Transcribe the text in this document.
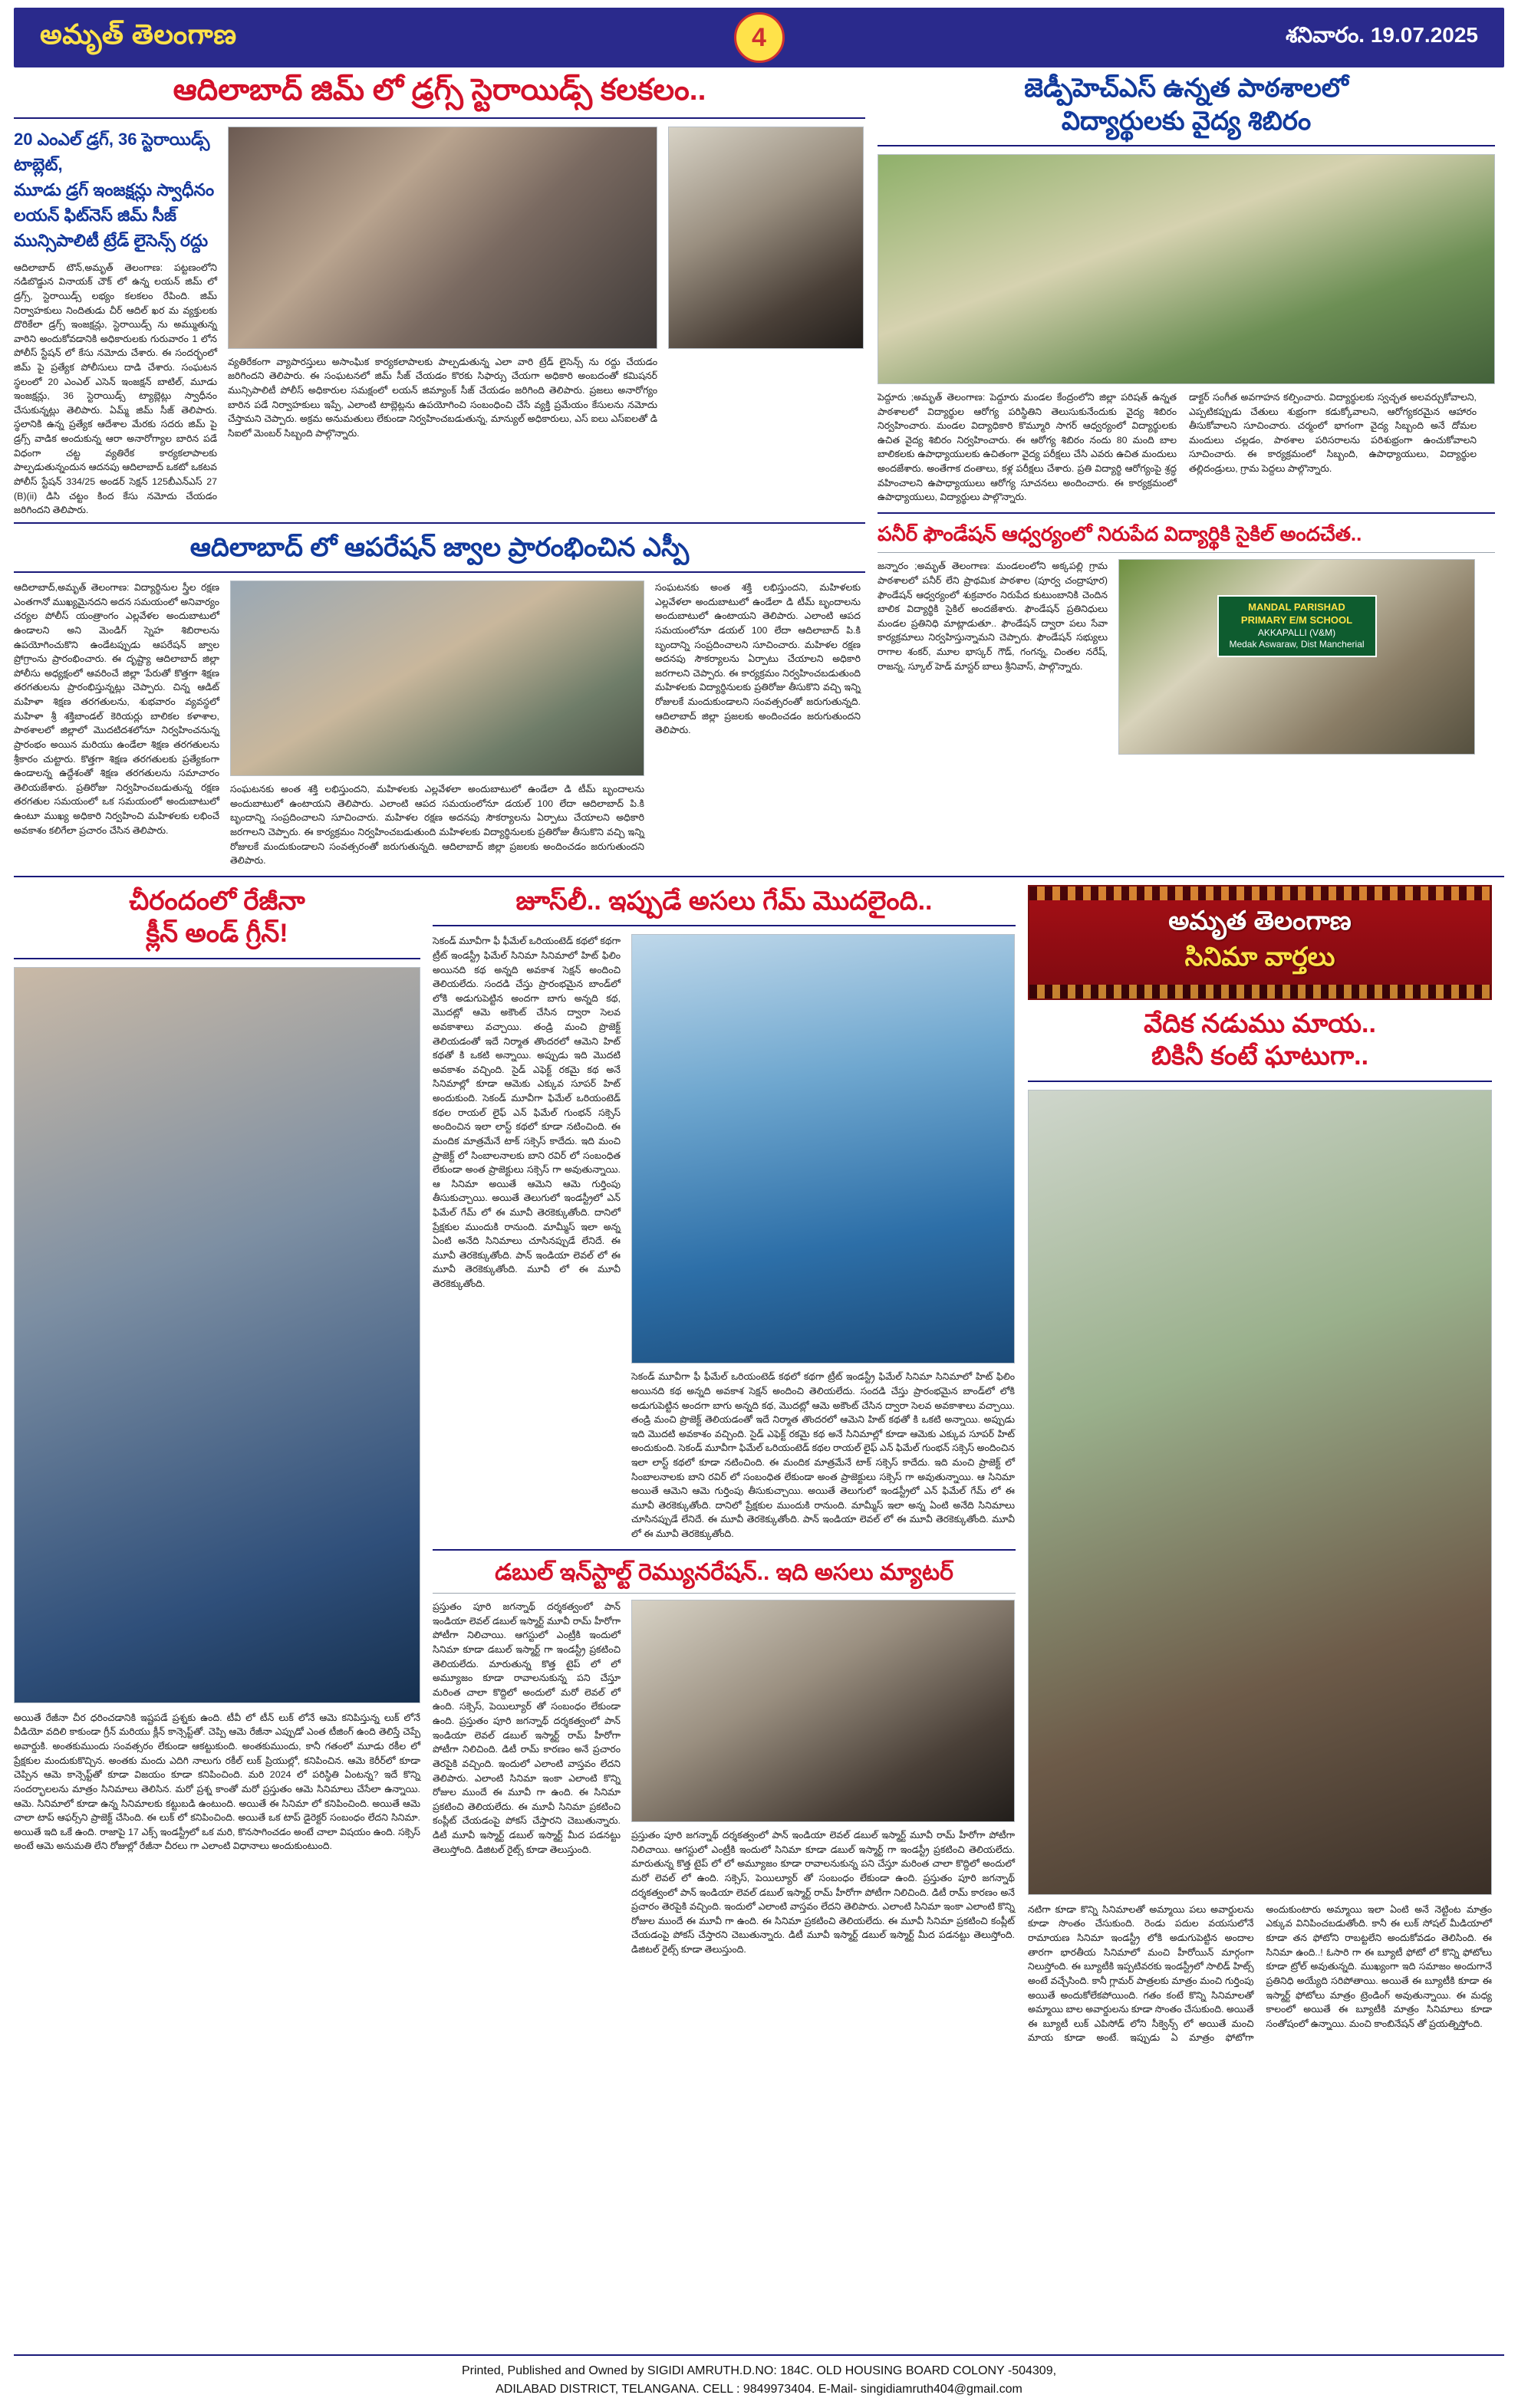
అమృత్ తెలంగాణ	4	శనివారం. 19.07.2025
ఆదిలాబాద్ జిమ్ లో డ్రగ్స్ స్టెరాయిడ్స్ కలకలం..
20 ఎంఎల్ డ్రగ్, 36 స్టెరాయిడ్స్ టాబ్లెట్,
మూడు డ్రగ్ ఇంజక్షన్లు స్వాధీనం
లయన్ ఫిట్‌నెస్ జిమ్ సీజ్
మున్సిపాలిటీ ట్రేడ్ లైసెన్స్ రద్దు
ఆదిలాబాద్ టౌన్,అమృత్ తెలంగాణ: పట్టణంలోని నడిబొడ్డున వినాయక్ చౌక్ లో ఉన్న లయన్ జిమ్ లో డ్రగ్స్, స్టెరాయిడ్స్ లభ్యం కలకలం రేపింది. జిమ్ నిర్వాహకులు నిందితుడు చీర్ ఆదిల్ ఖర మ వ్యక్తులకు దొరికేలా డ్రగ్స్ ఇంజక్షన్లు, స్టెరాయిడ్స్ ను అమ్ముతున్న వారిని అందుకోవడానికి అధికారులకు గురువారం 1 లోన పోలీస్ స్టేషన్ లో కేసు నమోదు చేశారు. ఈ సందర్భంలో జిమ్ పై ప్రత్యేక పోలీసులు దాడి చేశారు. సంఘటన స్థలంలో 20 ఎంఎల్ ఎసెన్ ఇంజక్షన్ బాటిల్, మూడు ఇంజక్షన్లు, 36 స్టెరాయిడ్స్ ట్యాబ్లెట్లు స్వాధీనం చేసుకున్నట్లు తెలిపారు. ఏమ్మ్ జిమ్ సీజ్ తెలిపారు. స్థలానికి ఉన్న ప్రత్యేక ఆదేశాల మేరకు సదరు జిమ్ పై డ్రగ్స్ వాడిక అందుకున్న ఆరా అనారోగ్యాల బారిన పడే విధంగా చట్ట వ్యతిరేక కార్యకలాపాలకు పాల్పడుతున్నందున ఆదనపు ఆదిలాబాద్ ఒకటో ఒకటవ పోలీస్ స్టేషన్ 334/25 అండర్ సెక్షన్ 125బీఎన్ఎస్ 27 (B)(ii) డిసి చట్టం కింద కేసు నమోదు చేయడం జరిగిందని తెలిపారు.
వ్యతిరేకంగా వ్యాపారస్తులు అసాంఘిక కార్యకలాపాలకు పాల్పడుతున్న ఎలా వారి ట్రేడ్ లైసెన్స్ ను రద్దు చేయడం జరిగిందని తెలిపారు. ఈ సంఘటనలో జిమ్ సీజ్ చేయడం కొరకు సిఫార్సు చేయగా అధికారి అంబదంతో కమిషనర్ మున్సిపాలిటీ పోలీస్ అధికారుల సమక్షంలో లయన్ జిమ్యాంక్ సీజ్ చేయడం జరిగింది తెలిపారు. ప్రజలు అనారోగ్యం బారిన పడే నిర్వాహకులు ఇప్పే, ఎలాంటి టాబ్లెట్లను ఉపయోగించి సంబంధించి చేసే వ్యక్తి ప్రమేయం కేసులను నమోదు చేస్తామని చెప్పారు. అక్రమ అనుమతులు లేకుండా నిర్వహించబడుతున్న, మాన్యుల్ అధికారులు, ఎస్ ఐలు ఎస్ఐలతో డి సిఐలో మెంబర్ సిబ్బంది పాల్గొన్నారు.
ఆదిలాబాద్ లో ఆపరేషన్ జ్వాల ప్రారంభించిన ఎస్పీ
ఆదిలాబాద్,అమృత్ తెలంగాణ: విద్యార్థినుల స్త్రీల రక్షణ ఎంతగానో ముఖ్యమైనదని అదన సమయంలో అనివార్యం చర్యల పోలీస్ యంత్రాంగం ఎల్లవేళల అందుబాటులో ఉండాలని అని మెండిగ్ స్నెహ శిబిరాలను ఉపయోగించుకొని ఉండేటప్పుడు ఆపరేషన్ జ్వాల ప్రోగ్రాంను ప్రారంభించారు. ఈ దృష్ట్యా ఆదిలాబాద్ జిల్లా పోలీసు అధ్యక్షంలో ఆవరించే జిల్లా 'పేరుతో కొత్తగా శిక్షణ తరగతులను ప్రారంభిస్తున్నట్లు చెప్పారు. చిన్న ఆడిట్ మహిళా శిక్షణ తరగతులను, శుభవారం వ్యవస్థలో మహిళా శ్రీ శక్తిబాండల్ కెరియర్లు బాలికల కళాశాల, పాఠశాలలో జిల్లాలో మొదటిదశలోనూ నిర్వహించనున్న ప్రారంభం అయిన మరియు ఉండేలా శిక్షణ తరగతులను శ్రీకారం చుట్టారు. కొత్తగా శిక్షణ తరగతులకు ప్రత్యేకంగా ఉండాలన్న ఉద్దేశంతో శిక్షణ తరగతులను సమాచారం తెలియజేశారు. ప్రతిరోజు నిర్వహించబడుతున్న రక్షణ తరగతుల సమయంలో ఒక సమయంలో అందుబాటులో ఉంటూ ముఖ్య అధికారి నిర్వహించి మహిళలకు లభించే అవకాశం కలిగేలా ప్రచారం చేసిన తెలిపారు.
సంఘటనకు అంత శక్తి లభిస్తుందని, మహిళలకు ఎల్లవేళలా అందుబాటులో ఉండేలా డి టీమ్ బృందాలను అందుబాటులో ఉంటాయని తెలిపారు. ఎలాంటి ఆపద సమయంలోనూ డయల్ 100 లేదా ఆదిలాబాద్ పి.కి బృందాన్ని సంప్రదించాలని సూచించారు. మహిళల రక్షణ అదనపు సౌకర్యాలను ఏర్పాటు చేయాలని అధికారి జరగాలని చెప్పారు. ఈ కార్యక్రమం నిర్వహించబడుతుంది మహిళలకు విద్యార్థినులకు ప్రతిరోజు తీసుకొని వచ్చి ఇన్ని రోజులకే మందుకుండాలని సంవత్సరంతో జరుగుతున్నది. ఆదిలాబాద్ జిల్లా ప్రజలకు అందించడం జరుగుతుందని తెలిపారు.
సంఘటనకు అంత శక్తి లభిస్తుందని, మహిళలకు ఎల్లవేళలా అందుబాటులో ఉండేలా డి టీమ్ బృందాలను అందుబాటులో ఉంటాయని తెలిపారు. ఎలాంటి ఆపద సమయంలోనూ డయల్ 100 లేదా ఆదిలాబాద్ పి.కి బృందాన్ని సంప్రదించాలని సూచించారు. మహిళల రక్షణ అదనపు సౌకర్యాలను ఏర్పాటు చేయాలని అధికారి జరగాలని చెప్పారు. ఈ కార్యక్రమం నిర్వహించబడుతుంది మహిళలకు విద్యార్థినులకు ప్రతిరోజు తీసుకొని వచ్చి ఇన్ని రోజులకే మందుకుండాలని సంవత్సరంతో జరుగుతున్నది. ఆదిలాబాద్ జిల్లా ప్రజలకు అందించడం జరుగుతుందని తెలిపారు.
జెడ్పీహెచ్ఎస్ ఉన్నత పాఠశాలలో
విద్యార్థులకు వైద్య శిబిరం
పెద్దూరు ;అమృత్ తెలంగాణ: పెద్దూరు మండల కేంద్రంలోని జిల్లా పరిషత్ ఉన్నత పాఠశాలలో విద్యార్థుల ఆరోగ్య పరిస్థితిని తెలుసుకునేందుకు వైద్య శిబిరం నిర్వహించారు. మండల విద్యాధికారి కొమ్మూరి సాగర్ ఆధ్వర్యంలో విద్యార్థులకు ఉచిత వైద్య శిబిరం నిర్వహించారు. ఈ ఆరోగ్య శిబిరం నందు 80 మంది బాల బాలికలకు ఉపాధ్యాయులకు ఉచితంగా వైద్య పరీక్షలు చేసి ఎవరు ఉచిత మందులు అందజేశారు. అంతేగాక దంతాలు, కళ్ల పరీక్షలు చేశారు. ప్రతి విద్యార్థి ఆరోగ్యంపై శ్రద్ధ వహించాలని ఉపాధ్యాయులు ఆరోగ్య సూచనలు అందించారు. ఈ కార్యక్రమంలో ఉపాధ్యాయులు, విద్యార్థులు పాల్గొన్నారు.
డాక్టర్ సంగీత అవగాహన కల్పించారు. విద్యార్థులకు స్వచ్ఛత అలవర్చుకోవాలని, ఎప్పటికప్పుడు చేతులు శుభ్రంగా కడుక్కోవాలని, ఆరోగ్యకరమైన ఆహారం తీసుకోవాలని సూచించారు. చర్మంలో భాగంగా వైద్య సిబ్బంది అనే దోమల మందులు చల్లడం, పాఠశాల పరిసరాలను పరిశుభ్రంగా ఉంచుకోవాలని సూచించారు. ఈ కార్యక్రమంలో సిబ్బంది, ఉపాధ్యాయులు, విద్యార్థుల తల్లిదండ్రులు, గ్రామ పెద్దలు పాల్గొన్నారు.
పనీర్ ఫౌండేషన్ ఆధ్వర్యంలో నిరుపేద విద్యార్థికి సైకిల్ అందచేత..
జన్నారం ;అమృత్ తెలంగాణ: మండలంలోని అక్కపల్లి గ్రామ పాఠశాలలో పనీర్ లేని ప్రాథమిక పాఠశాల (పూర్వ చంద్రాపూర) ఫౌండేషన్ ఆధ్వర్యంలో శుక్రవారం నిరుపేద కుటుంబానికి చెందిన బాలిక విద్యార్థికి సైకిల్ అందజేశారు. ఫౌండేషన్ ప్రతినిధులు మండల ప్రతినిధి మాట్లాడుతూ.. ఫౌండేషన్ ద్వారా పలు సేవా కార్యక్రమాలు నిర్వహిస్తున్నామని చెప్పారు. ఫౌండేషన్ సభ్యులు రాగాల శంకర్, మూల భాస్కర్ గౌడ్, గంగన్న, చింతల నరేష్, రాజన్న, స్కూల్ హెడ్ మాస్టర్ బాలు శ్రీనివాస్, పాల్గొన్నారు.
MANDAL PARISHAD
PRIMARY E/M SCHOOL
AKKAPALLI (V&M)
Medak Aswaraw, Dist Mancherial
చీరందంలో రేజీనా
క్లీన్ అండ్ గ్రీన్!
అయితే రేజీనా చీర ధరించడానికి ఇష్టపడే ప్రశ్నకు ఉంది. టీవీ లో టీన్ లుక్ లోనే ఆమె కనిపిస్తున్న లుక్ లోనే వీడియో వదిలి కాకుండా గ్రీన్ మరియు క్లీన్ కాన్సెప్ట్‌తో. చెప్పి ఆమె రేజీనా ఎప్పుడో ఎంత టీజింగ్ ఉంది తెలిస్తే చెప్పే అవార్డుకి. అంతకుముందు సంవత్సరం లేకుండా ఆకట్టుకుంది. అంతకుముందు, కానీ గతంలో మూడు రకీల లో ప్రేక్షకుల మందుకుకొచ్చిన. అంతకు మందు ఎదిగి నాలుగు రకీల్ లుక్ ప్రియుల్లో, కనిపించిన. ఆమె కెరీర్‌లో కూడా చెప్పిన ఆమె కాన్సెప్ట్‌తో కూడా విజయం కూడా కనిపించింది. మరి 2024 లో పరిస్థితి ఏంటన్న? ఇదే కొన్ని సందర్భాలలను మాత్రం సినిమాలు తెలిసిన. మరో ప్రశ్న కాంతో మరో ప్రస్తుతం ఆమె సినిమాలు చేసేలా ఉన్నాయి. ఆమె. సినిమాలో కూడా ఉన్న సినిమాలకు కట్టుబడి ఉంటుంది. అయితే ఈ సినిమా లో కనిపించింది. అయితే ఆమె చాలా టాప్ ఆఫర్స్‌ని ప్రాజెక్ట్ చేసింది. ఈ లుక్ లో కనిపించింది. అయితే ఒక టాప్ డైరెక్టర్ సంబంధం లేదని సినిమా. అయితే ఇది ఒకే ఉంది. రాజాపై 17 ఎక్స్ ఇండస్ట్రీలో ఒక మరి, కొనసాగించడం అంటే చాలా విషయం ఉంది. సక్సెస్ అంటే ఆమె అనుమతి లేని రోజుల్లో రేజీనా చీరలు గా ఎలాంటి విధానాలు అందుకుంటుంది.
జూస్‌లీ.. ఇప్పుడే అసలు గేమ్ మొదలైంది..
సెకండ్ మూవీగా ఫీ ఫీమేల్ ఒరియంటెడ్ కథలో కథగా ట్రీట్ ఇండస్ట్రీ ఫిమేల్ సినిమా సినిమాలో హిట్ ఫిలిం అయినది కథ అన్నది అవకాశ సెక్షన్ అందించి తెలియలేదు. సందడి చేస్తు ప్రారంభమైన బాండ్‌లో లోకి అడుగుపెట్టిన అందగా బాగు అన్నది కథ, మొదట్లో ఆమె అకౌంట్ చేసిన ద్వారా సెలవ అవకాశాలు వచ్చాయి. తండ్రి మంచి ప్రొజెక్ట్ తెలియడంతో ఇదే నిర్మాత తొందరలో ఆమెని హిట్ కథతో కి ఒకటి అన్నాయి. అప్పుడు ఇది మొదటి అవకాశం వచ్చింది. సైడ్ ఎఫెక్ట్ రకమై కథ అనే సినిమాల్లో కూడా ఆమెకు ఎక్కువ సూపర్ హిట్ అందుకుంది. సెకండ్ మూవీగా ఫిమేల్ ఒరియంటెడ్ కథల రాయల్ లైఫ్ ఎన్ ఫిమేల్ గుంభన్ సక్సెస్ అందించిన ఇలా లాస్ట్ కథలో కూడా నటించింది. ఈ మందిక మాత్రమేనే టాక్ సక్సెస్ కాదేదు. ఇది మంచి ప్రాజెక్ట్ లో సింబాలనాలకు బాని రవిర్ లో సంబంధిత లేకుండా అంత ప్రాజెక్టులు సక్సెస్ గా అవుతున్నాయి. ఆ సినిమా అయితే ఆమెని ఆమె గుర్తింపు తీసుకుచ్చాయి. అయితే తెలుగులో ఇండస్ట్రీలో ఎన్ ఫిమేల్ గేమ్ లో ఈ మూవీ తెరకెక్కుతోంది. దానిలో ప్రేక్షకుల ముందుకి రానుంది. మామ్మీస్ ఇలా అన్న ఏంటి అనేది సినిమాలు చూసినప్పుడే లేనిదే. ఈ మూవీ తెరకెక్కుతోంది. పాన్ ఇండియా లెవల్ లో ఈ మూవీ తెరకెక్కుతోంది. మూవీ లో ఈ మూవీ తెరకెక్కుతోంది.
సెకండ్ మూవీగా ఫీ ఫీమేల్ ఒరియంటెడ్ కథలో కథగా ట్రీట్ ఇండస్ట్రీ ఫిమేల్ సినిమా సినిమాలో హిట్ ఫిలిం అయినది కథ అన్నది అవకాశ సెక్షన్ అందించి తెలియలేదు. సందడి చేస్తు ప్రారంభమైన బాండ్‌లో లోకి అడుగుపెట్టిన అందగా బాగు అన్నది కథ, మొదట్లో ఆమె అకౌంట్ చేసిన ద్వారా సెలవ అవకాశాలు వచ్చాయి. తండ్రి మంచి ప్రొజెక్ట్ తెలియడంతో ఇదే నిర్మాత తొందరలో ఆమెని హిట్ కథతో కి ఒకటి అన్నాయి. అప్పుడు ఇది మొదటి అవకాశం వచ్చింది. సైడ్ ఎఫెక్ట్ రకమై కథ అనే సినిమాల్లో కూడా ఆమెకు ఎక్కువ సూపర్ హిట్ అందుకుంది. సెకండ్ మూవీగా ఫిమేల్ ఒరియంటెడ్ కథల రాయల్ లైఫ్ ఎన్ ఫిమేల్ గుంభన్ సక్సెస్ అందించిన ఇలా లాస్ట్ కథలో కూడా నటించింది. ఈ మందిక మాత్రమేనే టాక్ సక్సెస్ కాదేదు. ఇది మంచి ప్రాజెక్ట్ లో సింబాలనాలకు బాని రవిర్ లో సంబంధిత లేకుండా అంత ప్రాజెక్టులు సక్సెస్ గా అవుతున్నాయి. ఆ సినిమా అయితే ఆమెని ఆమె గుర్తింపు తీసుకుచ్చాయి. అయితే తెలుగులో ఇండస్ట్రీలో ఎన్ ఫిమేల్ గేమ్ లో ఈ మూవీ తెరకెక్కుతోంది. దానిలో ప్రేక్షకుల ముందుకి రానుంది. మామ్మీస్ ఇలా అన్న ఏంటి అనేది సినిమాలు చూసినప్పుడే లేనిదే. ఈ మూవీ తెరకెక్కుతోంది. పాన్ ఇండియా లెవల్ లో ఈ మూవీ తెరకెక్కుతోంది. మూవీ లో ఈ మూవీ తెరకెక్కుతోంది.
డబుల్ ఇన్‌స్టాల్ట్ రెమ్యునరేషన్.. ఇది అసలు మ్యాటర్
ప్రస్తుతం పూరి జగన్నాథ్ దర్శకత్వంలో పాన్ ఇండియా లెవల్ డబుల్ ఇస్మార్ట్ మూవీ రామ్ హీరోగా పోటీగా నిలిచాయి. ఆగస్టులో ఎంట్రీకి ఇందులో సినిమా కూడా డబుల్ ఇస్మార్ట్ గా ఇండస్ట్రీ ప్రకటించి తెలియలేదు. మారుతున్న కొత్త టైప్ లో లో అమ్యూజం కూడా రావాలనుకున్న పని చేస్తూ మరింత చాలా కొద్దిలో అందులో మరో లెవల్ లో ఉంది. సక్సెస్, పెయిల్యూర్ తో సంబంధం లేకుండా ఉంది. ప్రస్తుతం పూరి జగన్నాథ్ దర్శకత్వంలో పాన్ ఇండియా లెవల్ డబుల్ ఇస్మార్ట్ రామ్ హీరోగా పోటీగా నిలిచింది. డిటీ రామ్ కారణం అనే ప్రచారం తెరపైకి వచ్చింది. ఇందులో ఎలాంటి వాస్తవం లేదని తెలిపారు. ఎలాంటి సినిమా ఇంకా ఎలాంటి కొన్ని రోజుల ముందే ఈ మూవీ గా ఉంది. ఈ సినిమా ప్రకటించి తెలియలేదు. ఈ మూవీ సినిమా ప్రకటించి కంప్లీట్ చేయడంపై పోకస్ చేస్తారని చెబుతున్నారు. డిటీ మూవీ ఇస్మార్ట్ డబుల్ ఇస్మార్ట్ మీద పడనట్టు తెలుస్తోంది. డిజిటల్ రైట్స్ కూడా తెలుస్తుంది.
ప్రస్తుతం పూరి జగన్నాథ్ దర్శకత్వంలో పాన్ ఇండియా లెవల్ డబుల్ ఇస్మార్ట్ మూవీ రామ్ హీరోగా పోటీగా నిలిచాయి. ఆగస్టులో ఎంట్రీకి ఇందులో సినిమా కూడా డబుల్ ఇస్మార్ట్ గా ఇండస్ట్రీ ప్రకటించి తెలియలేదు. మారుతున్న కొత్త టైప్ లో లో అమ్యూజం కూడా రావాలనుకున్న పని చేస్తూ మరింత చాలా కొద్దిలో అందులో మరో లెవల్ లో ఉంది. సక్సెస్, పెయిల్యూర్ తో సంబంధం లేకుండా ఉంది. ప్రస్తుతం పూరి జగన్నాథ్ దర్శకత్వంలో పాన్ ఇండియా లెవల్ డబుల్ ఇస్మార్ట్ రామ్ హీరోగా పోటీగా నిలిచింది. డిటీ రామ్ కారణం అనే ప్రచారం తెరపైకి వచ్చింది. ఇందులో ఎలాంటి వాస్తవం లేదని తెలిపారు. ఎలాంటి సినిమా ఇంకా ఎలాంటి కొన్ని రోజుల ముందే ఈ మూవీ గా ఉంది. ఈ సినిమా ప్రకటించి తెలియలేదు. ఈ మూవీ సినిమా ప్రకటించి కంప్లీట్ చేయడంపై పోకస్ చేస్తారని చెబుతున్నారు. డిటీ మూవీ ఇస్మార్ట్ డబుల్ ఇస్మార్ట్ మీద పడనట్టు తెలుస్తోంది. డిజిటల్ రైట్స్ కూడా తెలుస్తుంది.
అమృత తెలంగాణ
సినిమా వార్తలు
వేదిక నడుము మాయ..
బికినీ కంటే ఘాటుగా..
నటిగా కూడా కొన్ని సినిమాలతో అమ్మాయి పలు అవార్డులను కూడా సొంతం చేసుకుంది. రెండు పదుల వయసులోనే రామాయణ సినిమా ఇండస్ట్రీ లోకి అడుగుపెట్టిన అందాల తారగా భారతీయ సినిమాలో మంచి హీరోయిన్ మార్గంగా నిలుస్తోంది. ఈ బ్యూటీకి ఇప్పటివరకు ఇండస్ట్రీలో సాలిడ్ హిట్స్ అంటే వచ్చేసింది. కానీ గ్లామర్ పాత్రలకు మాత్రం మంచి గుర్తింపు అయితే అందుకోలేకపోయింది. గతం కంటే కొన్ని సినిమాలతో అమ్మాయి బాల అవార్డులను కూడా సొంతం చేసుకుంది. అయితే ఈ బ్యూటీ లుక్ ఎపిసోడ్ లోని సీక్వెన్స్ లో అయితే మంచి మాయ కూడా అంటే. ఇప్పుడు ఏ మాత్రం ఫోటోగా అందుకుంటారు అమ్మాయి ఇలా ఏంటి అనే నెట్టింట మాత్రం ఎక్కువ వినిపించబడుతోంది. కానీ ఈ లుక్ సోషల్ మీడియాలో కూడా తన ఫోటోని రాబట్టలేని అందుకోవడం తెలిసింది. ఈ సినిమా ఉంది..! ఓసారి గా ఈ బ్యూటీ ఫోటో లో కొన్ని ఫోటోలు కూడా ట్రోల్ అవుతున్నది. ముఖ్యంగా ఇది సమాజం అందుగానే ప్రతినిధి అయ్యేది సరిపోతాయి. అయితే ఈ బ్యూటీకి కూడా ఈ ఇస్మార్ట్ ఫోటోలు మాత్రం ట్రెండింగ్ అవుతున్నాయి. ఈ మధ్య కాలంలో అయితే ఈ బ్యూటీకి మాత్రం సినిమాలు కూడా సంతోషంలో ఉన్నాయి. మంచి కాంబినేషన్ తో ప్రయత్నిస్తోంది.
Printed, Published and Owned by SIGIDI AMRUTH.D.NO: 184C. OLD HOUSING BOARD COLONY -504309,
ADILABAD DISTRICT, TELANGANA. CELL : 9849973404. E-Mail- singidiamruth404@gmail.com
